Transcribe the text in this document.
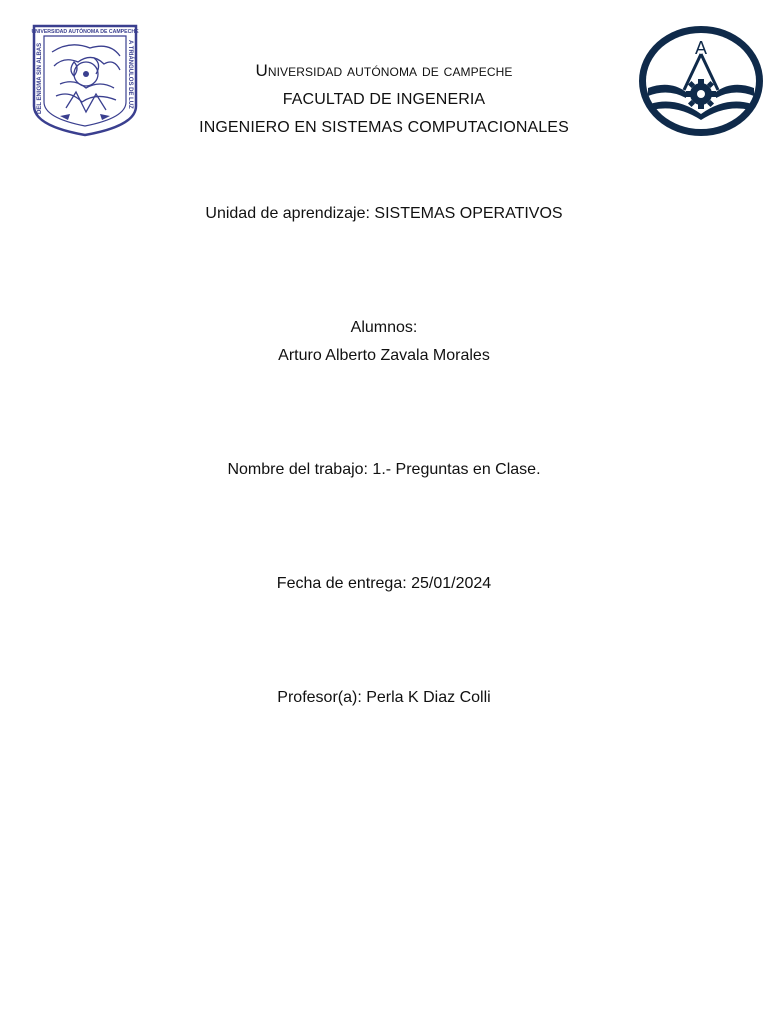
UNIVERSIDAD AUTÓNOMA DE CAMPECHE
DEL ENIGMA SIN ALBAS	A TRIÁNGULOS DE LUZ	A
Universidad autónoma de campeche
FACULTAD DE INGENERIA
INGENIERO EN SISTEMAS COMPUTACIONALES
Unidad de aprendizaje: SISTEMAS OPERATIVOS
Alumnos:
Arturo Alberto Zavala Morales
Nombre del trabajo: 1.- Preguntas en Clase.
Fecha de entrega: 25/01/2024
Profesor(a): Perla K Diaz Colli
